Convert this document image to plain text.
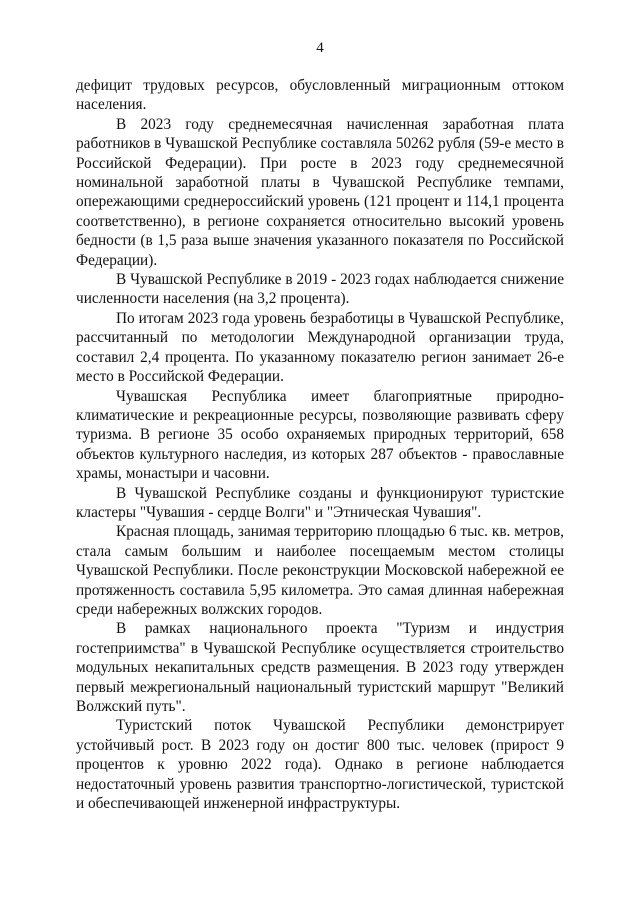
4

дефицит трудовых ресурсов, обусловленный миграционным оттоком населения.

В 2023 году среднемесячная начисленная заработная плата работников в Чувашской Республике составляла 50262 рубля (59-е место в Российской Федерации). При росте в 2023 году среднемесячной номинальной заработной платы в Чувашской Республике темпами, опережающими среднероссийский уровень (121 процент и 114,1 процента соответственно), в регионе сохраняется относительно высокий уровень бедности (в 1,5 раза выше значения указанного показателя по Российской Федерации).

В Чувашской Республике в 2019 - 2023 годах наблюдается снижение численности населения (на 3,2 процента).

По итогам 2023 года уровень безработицы в Чувашской Республике, рассчитанный по методологии Международной организации труда, составил 2,4 процента. По указанному показателю регион занимает 26-е место в Российской Федерации.

Чувашская Республика имеет благоприятные природно-климатические и рекреационные ресурсы, позволяющие развивать сферу туризма. В регионе 35 особо охраняемых природных территорий, 658 объектов культурного наследия, из которых 287 объектов - православные храмы, монастыри и часовни.

В Чувашской Республике созданы и функционируют туристские кластеры "Чувашия - сердце Волги" и "Этническая Чувашия".

Красная площадь, занимая территорию площадью 6 тыс. кв. метров, стала самым большим и наиболее посещаемым местом столицы Чувашской Республики. После реконструкции Московской набережной ее протяженность составила 5,95 километра. Это самая длинная набережная среди набережных волжских городов.

В рамках национального проекта "Туризм и индустрия гостеприимства" в Чувашской Республике осуществляется строительство модульных некапитальных средств размещения. В 2023 году утвержден первый межрегиональный национальный туристский маршрут "Великий Волжский путь".

Туристский поток Чувашской Республики демонстрирует устойчивый рост. В 2023 году он достиг 800 тыс. человек (прирост 9 процентов к уровню 2022 года). Однако в регионе наблюдается недостаточный уровень развития транспортно-логистической, туристской и обеспечивающей инженерной инфраструктуры.
